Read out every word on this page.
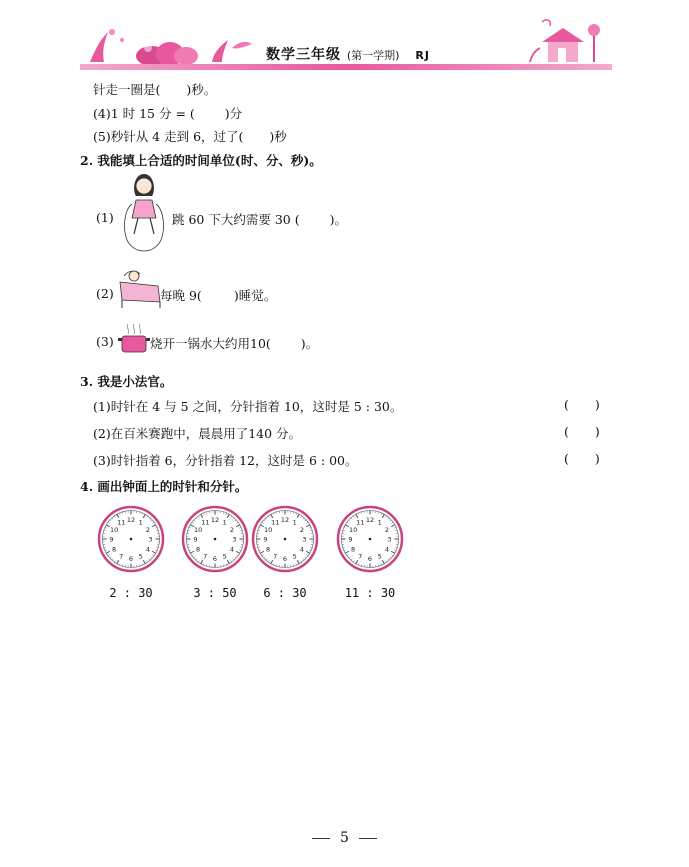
数学三年级 (第一学期) RJ
针走一圈是( )秒。
(4)1 时 15 分 = ( )分
(5)秒针从 4 走到 6，过了( )秒
2. 我能填上合适的时间单位(时、分、秒)。
(1)	跳 60 下大约需要 30 ( )。
(2)	每晚 9(	)睡觉。
(3)	烧开一锅水大约用10( )。
3. 我是小法官。
(1)时针在 4 与 5 之间，分针指着 10，这时是 5 : 30。	( )
(2)在百米赛跑中，晨晨用了140 分。	( )
(3)时针指着 6，分针指着 12，这时是 6 : 00。	( )
4. 画出钟面上的时针和分针。
1
2
3
4
5
6
7
8
9
10
11 12	1
2
3
4
5
6
7
8
9
10
11 12	1
2
3
4
5
6
7
8
9
10
11 12	1
2
3
4
5
6
7
8
9
10
11 12
2 : 30	3 : 50	6 : 30	11 : 30
5
